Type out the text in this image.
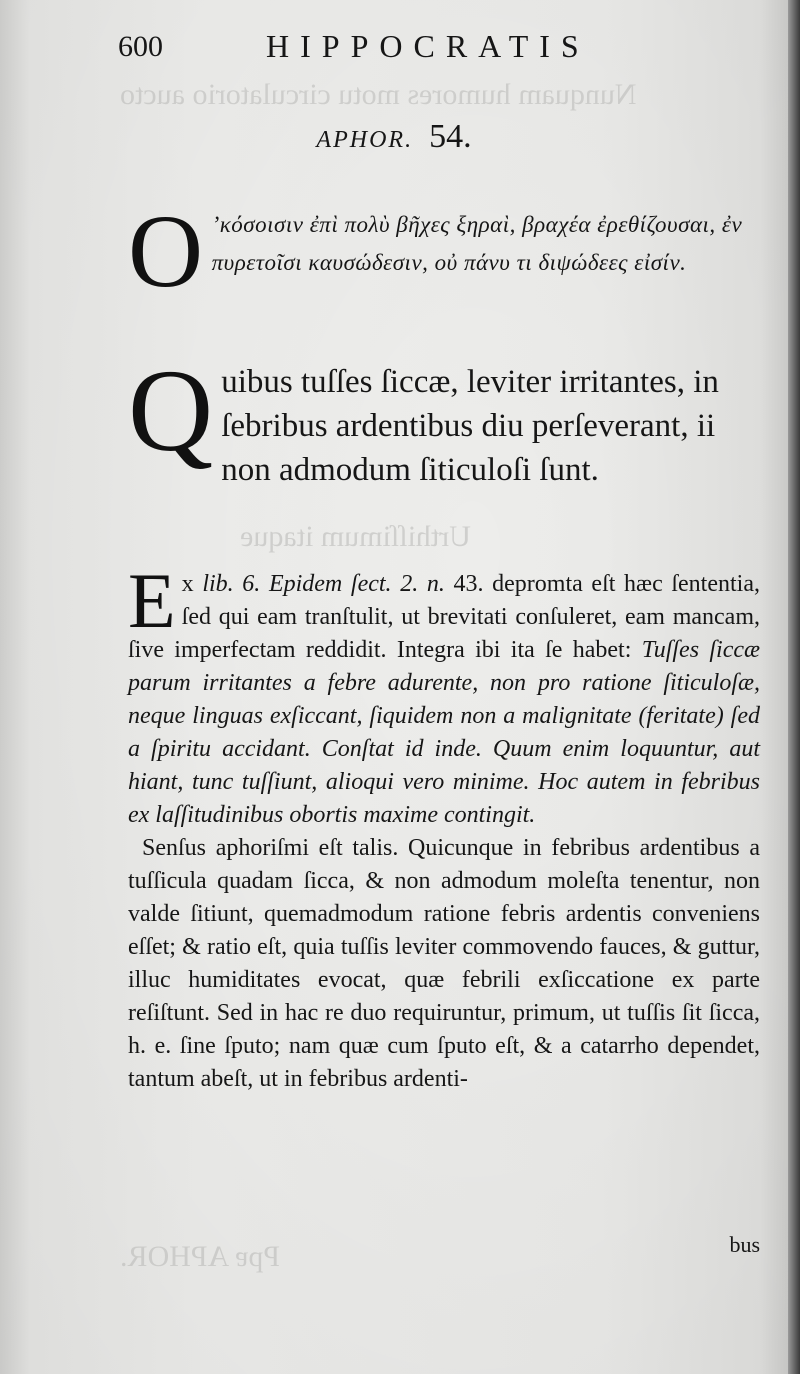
Nunquam humores motu circulatorio aucto
Urthiſſimum itaque
Ppɐ APHOR.
600	HIPPOCRATIS
APHOR. 54.
O ʼκόσοισιν ἐπὶ πολὺ βῆχες ξηραὶ, βραχέα ἐρεθίζουσαι, ἐν πυρετοῖσι καυσώδεσιν, οὐ πάνυ τι διψώδεες εἰσίν.
Q uibus tuſſes ſiccæ, leviter irritantes, in ſebribus ardentibus diu perſeverant, ii non admodum ſiticuloſi ſunt.
E x lib. 6. Epidem ſect. 2. n. 43. depromta eſt hæc ſententia, ſed qui eam tranſtulit, ut brevitati conſuleret, eam mancam, ſive imperfectam reddidit. Integra ibi ita ſe habet: Tuſſes ſiccæ parum irritantes a febre adurente, non pro ratione ſiticuloſæ, neque linguas exſiccant, ſiquidem non a malignitate (feritate) ſed a ſpiritu accidant. Conſtat id inde. Quum enim loquuntur, aut hiant, tunc tuſſiunt, alioqui vero minime. Hoc autem in febribus ex laſſitudinibus obortis maxime contingit.
Senſus aphoriſmi eſt talis. Quicunque in febribus ardentibus a tuſſicula quadam ſicca, & non admodum moleſta tenentur, non valde ſitiunt, quemadmodum ratione febris ardentis conveniens eſſet; & ratio eſt, quia tuſſis leviter commovendo fauces, & guttur, illuc humiditates evocat, quæ febrili exſiccatione ex parte reſiſtunt. Sed in hac re duo requiruntur, primum, ut tuſſis ſit ſicca, h. e. ſine ſputo; nam quæ cum ſputo eſt, & a catarrho dependet, tantum abeſt, ut in febribus ardenti-
bus
